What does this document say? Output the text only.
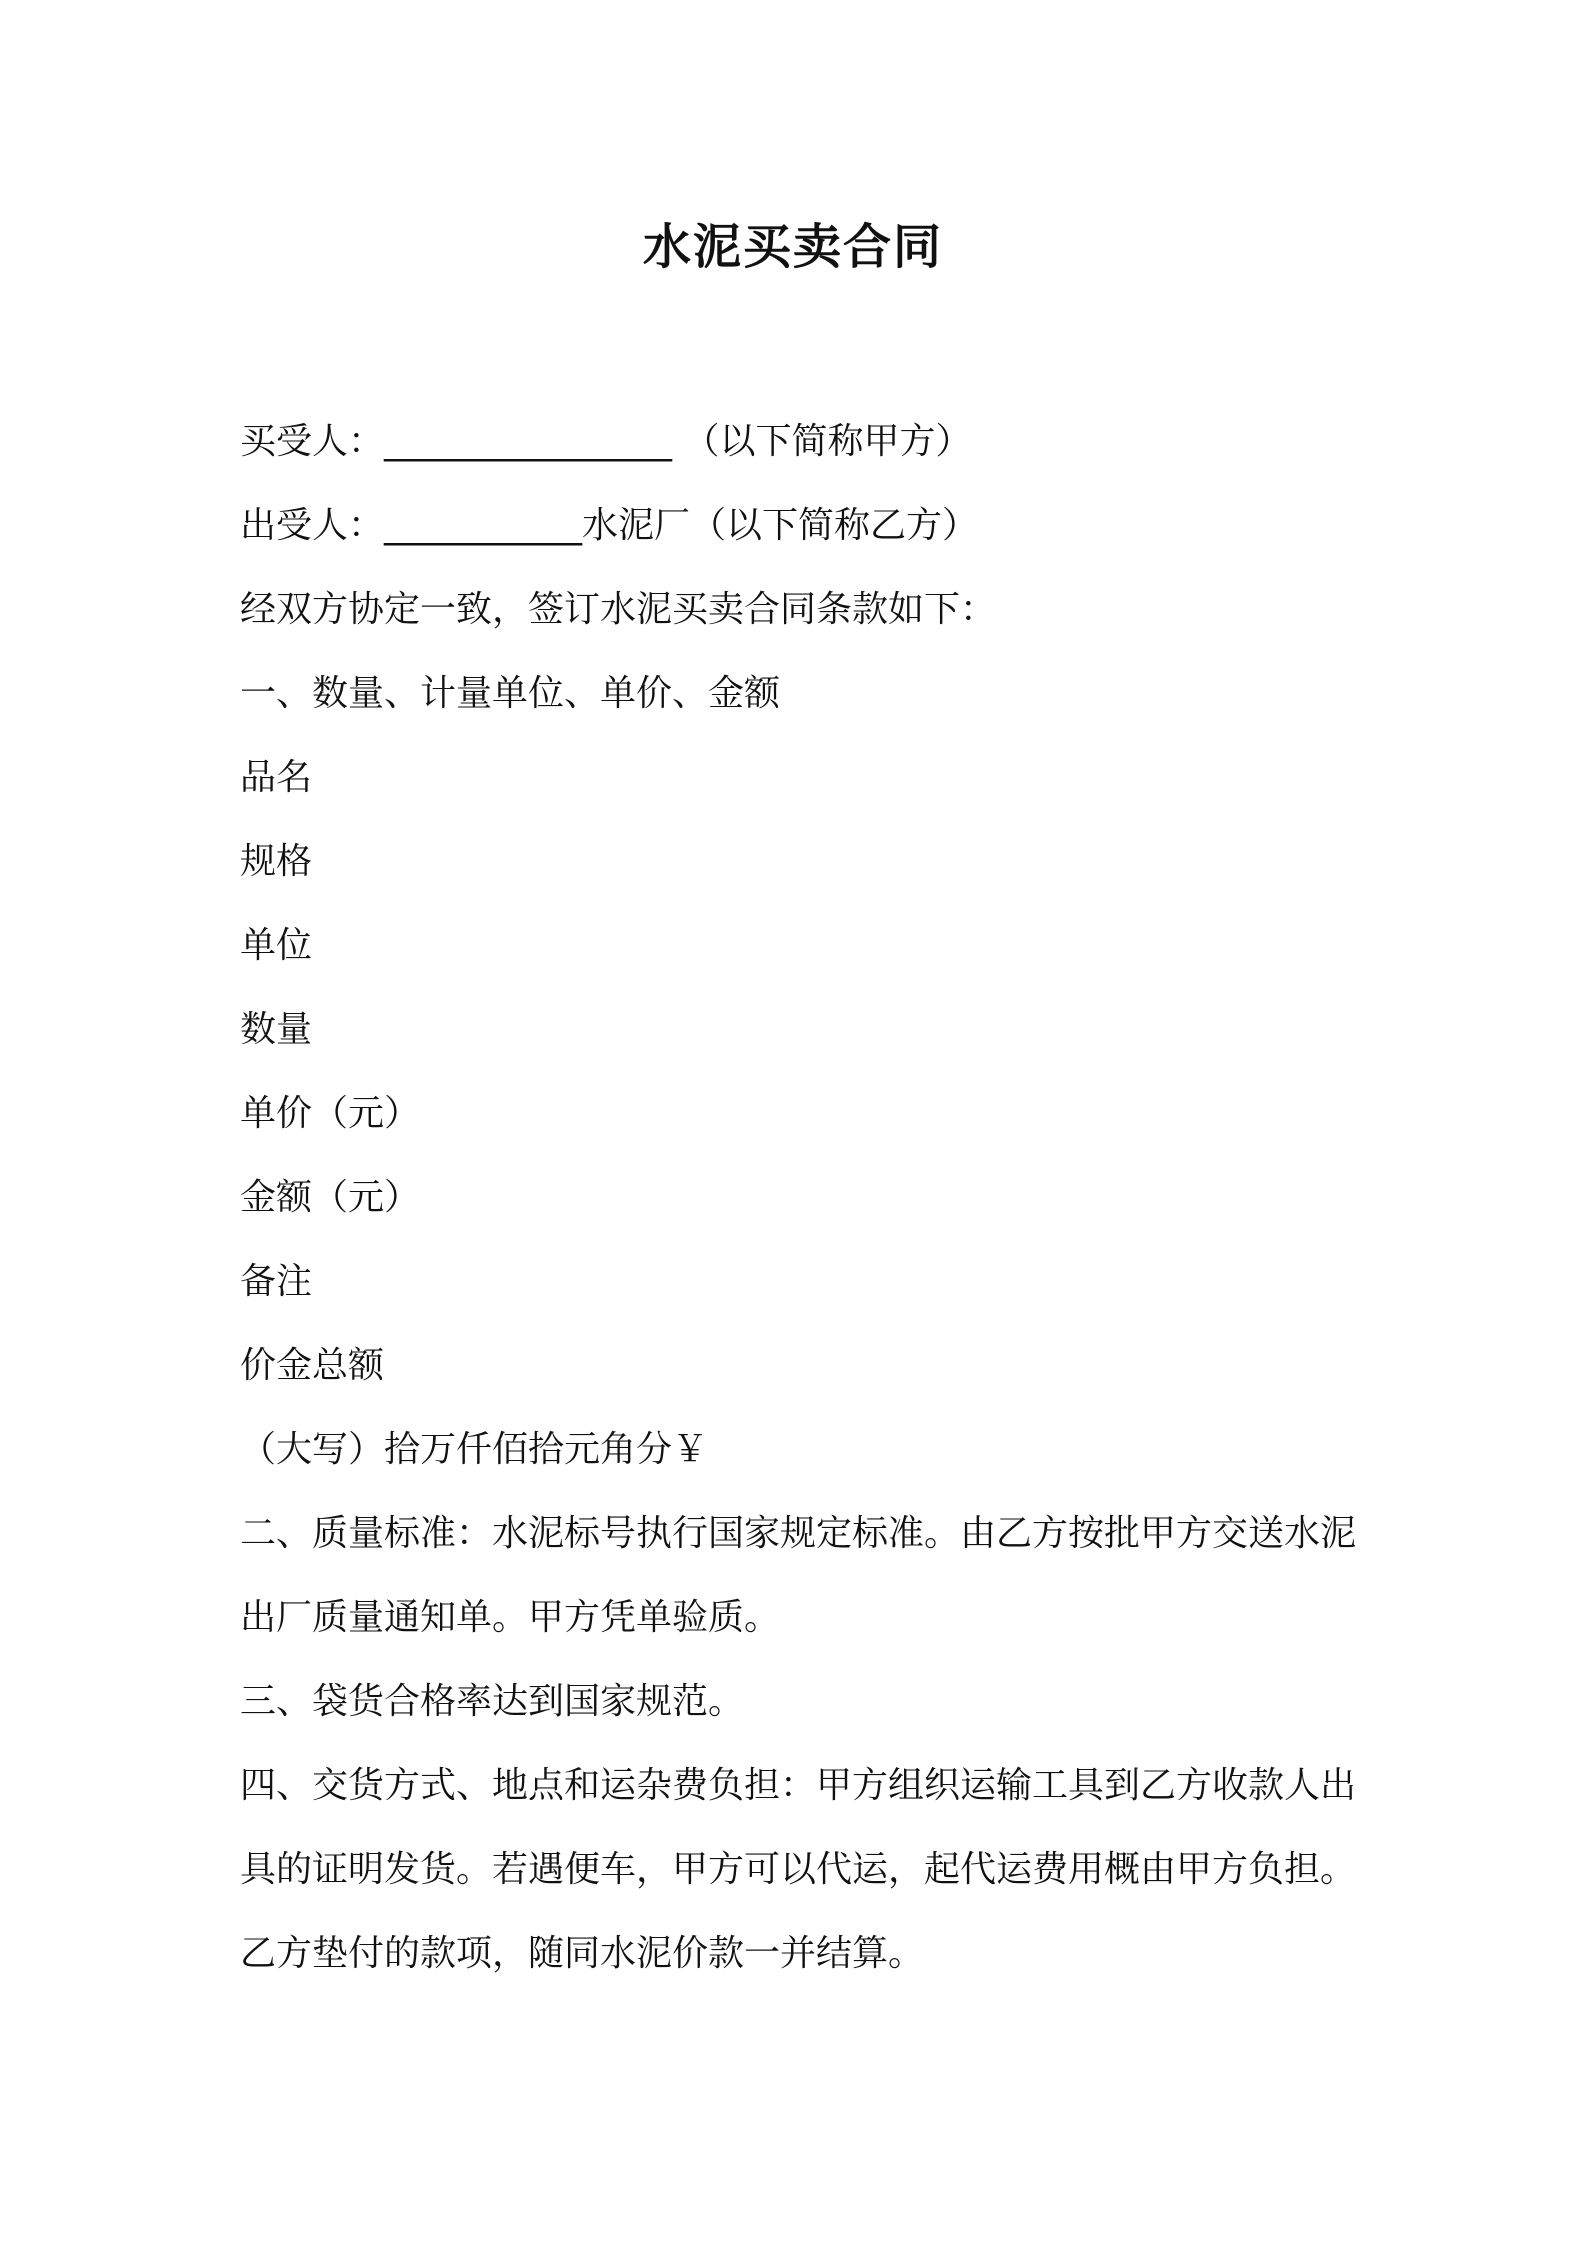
水泥买卖合同

买受人：________________ （以下简称甲方）

出受人：___________水泥厂（以下简称乙方）

经双方协定一致，签订水泥买卖合同条款如下：

一、数量、计量单位、单价、金额

品名

规格

单位

数量

单价（元）

金额（元）

备注

价金总额

（大写）拾万仟佰拾元角分￥

二、质量标准：水泥标号执行国家规定标准。由乙方按批甲方交送水泥出厂质量通知单。甲方凭单验质。

三、袋货合格率达到国家规范。

四、交货方式、地点和运杂费负担：甲方组织运输工具到乙方收款人出具的证明发货。若遇便车，甲方可以代运，起代运费用概由甲方负担。乙方垫付的款项，随同水泥价款一并结算。
